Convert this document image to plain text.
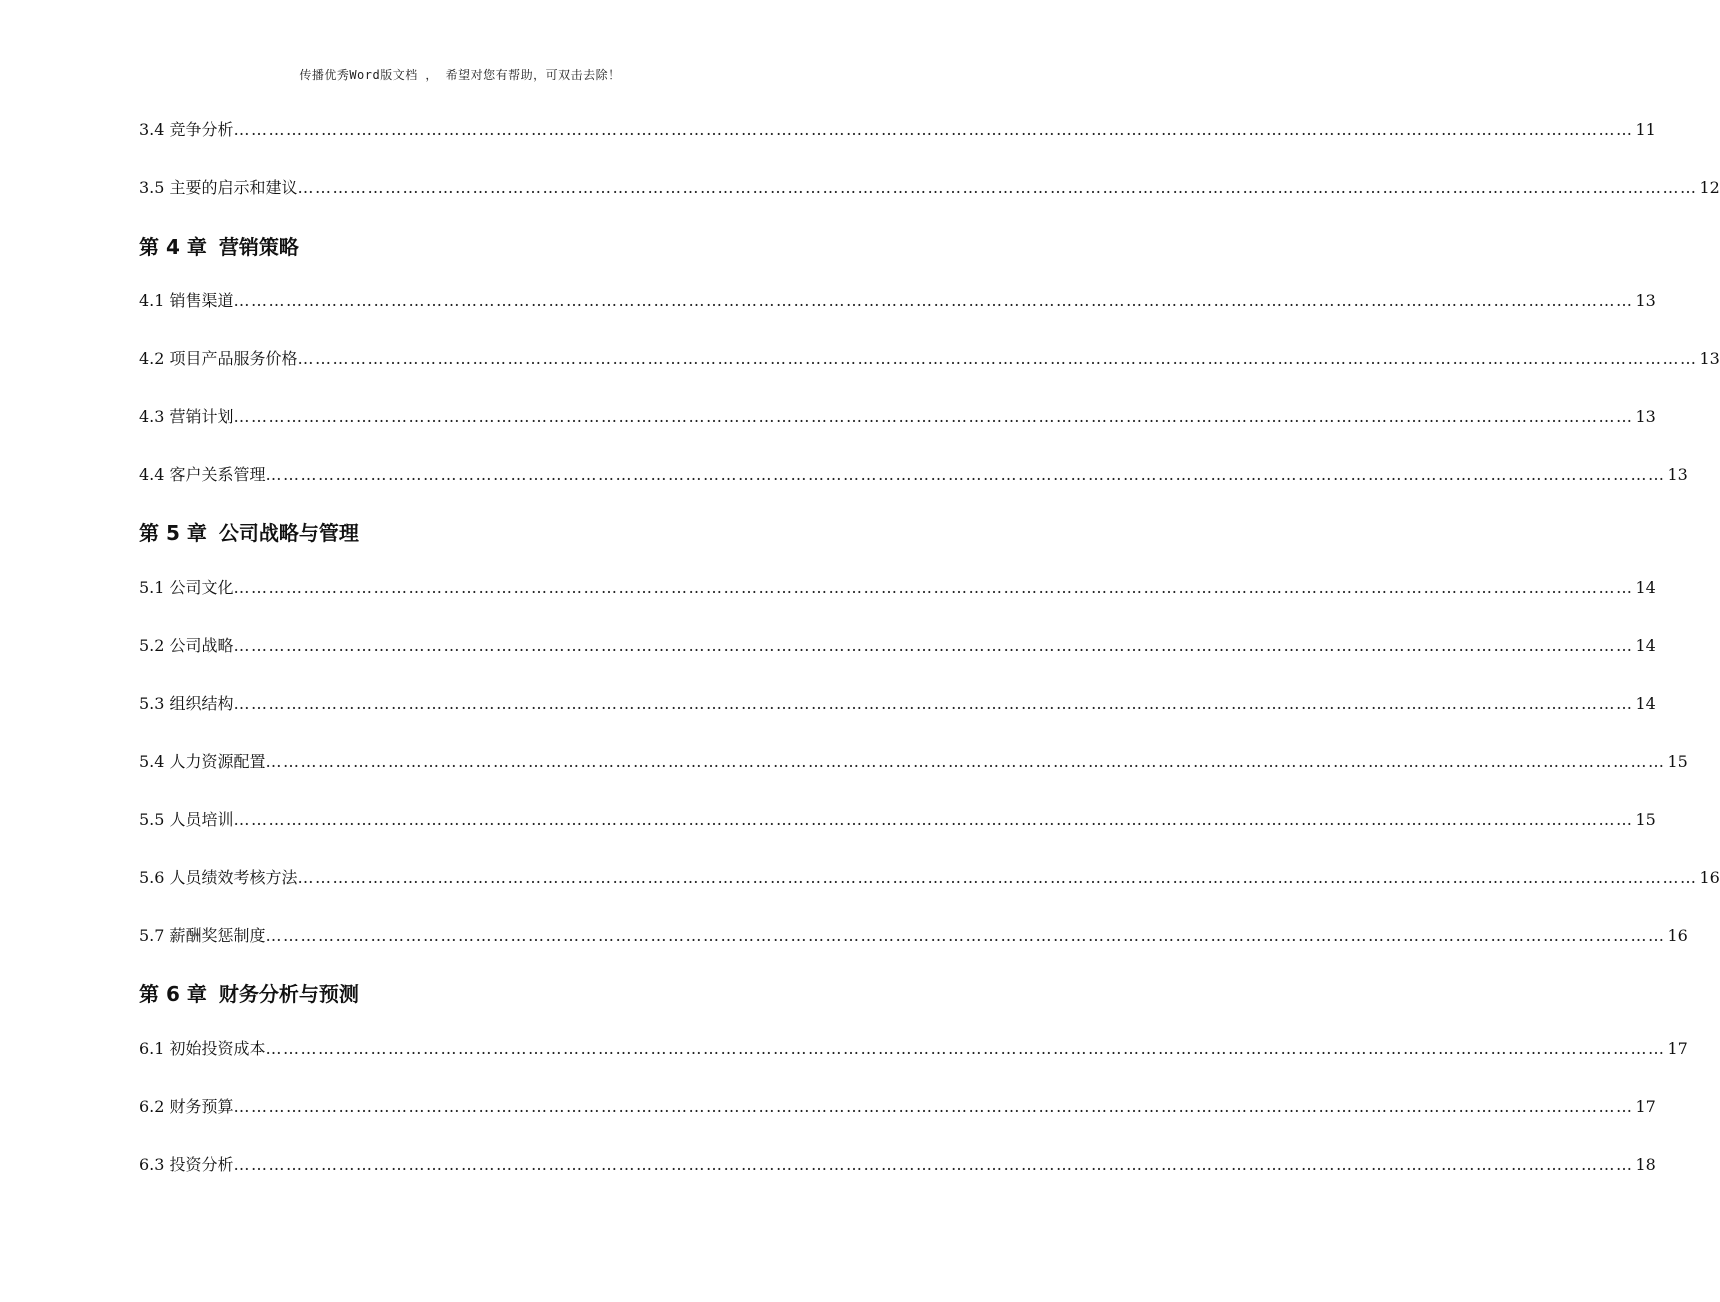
传播优秀Word版文档 ， 希望对您有帮助，可双击去除！
3.4 竞争分析 …………………………………………………………………………………………………………………………………………………………………………………………………………………… 11
3.5 主要的启示和建议 …………………………………………………………………………………………………………………………………………………………………………………………………………………… 12
第 4 章 营销策略
4.1 销售渠道 …………………………………………………………………………………………………………………………………………………………………………………………………………………… 13
4.2 项目产品服务价格 …………………………………………………………………………………………………………………………………………………………………………………………………………………… 13
4.3 营销计划 …………………………………………………………………………………………………………………………………………………………………………………………………………………… 13
4.4 客户关系管理 …………………………………………………………………………………………………………………………………………………………………………………………………………………… 13
第 5 章 公司战略与管理
5.1 公司文化 …………………………………………………………………………………………………………………………………………………………………………………………………………………… 14
5.2 公司战略 …………………………………………………………………………………………………………………………………………………………………………………………………………………… 14
5.3 组织结构 …………………………………………………………………………………………………………………………………………………………………………………………………………………… 14
5.4 人力资源配置 …………………………………………………………………………………………………………………………………………………………………………………………………………………… 15
5.5 人员培训 …………………………………………………………………………………………………………………………………………………………………………………………………………………… 15
5.6 人员绩效考核方法 …………………………………………………………………………………………………………………………………………………………………………………………………………………… 16
5.7 薪酬奖惩制度 …………………………………………………………………………………………………………………………………………………………………………………………………………………… 16
第 6 章 财务分析与预测
6.1 初始投资成本 …………………………………………………………………………………………………………………………………………………………………………………………………………………… 17
6.2 财务预算 …………………………………………………………………………………………………………………………………………………………………………………………………………………… 17
6.3 投资分析 …………………………………………………………………………………………………………………………………………………………………………………………………………………… 18
